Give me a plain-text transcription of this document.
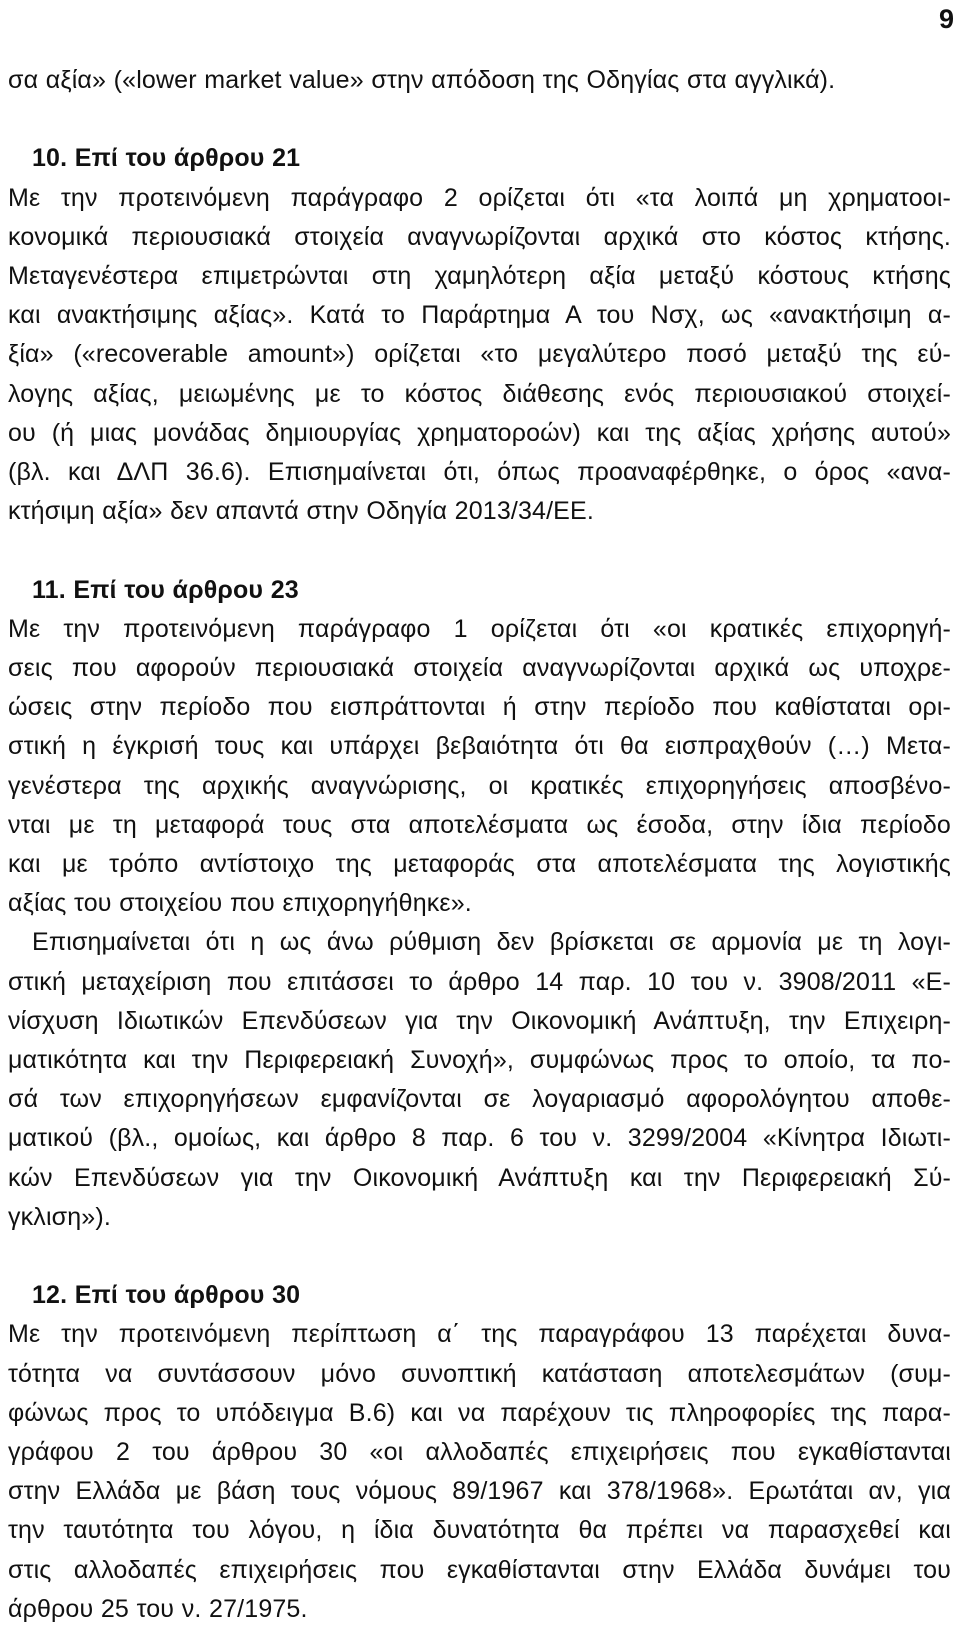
9
σα αξία» («lower market value» στην απόδοση της Οδηγίας στα αγγλικά).
10. Επί του άρθρου 21
Με την προτεινόμενη παράγραφο 2 ορίζεται ότι «τα λοιπά μη χρηματοοι-
κονομικά περιουσιακά στοιχεία αναγνωρίζονται αρχικά στο κόστος κτήσης.
Μεταγενέστερα επιμετρώνται στη χαμηλότερη αξία μεταξύ κόστους κτήσης
και ανακτήσιμης αξίας». Κατά το Παράρτημα Α του Νσχ, ως «ανακτήσιμη α-
ξία» («recoverable amount») ορίζεται «το μεγαλύτερο ποσό μεταξύ της εύ-
λογης αξίας, μειωμένης με το κόστος διάθεσης ενός περιουσιακού στοιχεί-
ου (ή μιας μονάδας δημιουργίας χρηματοροών) και της αξίας χρήσης αυτού»
(βλ. και ΔΛΠ 36.6). Επισημαίνεται ότι, όπως προαναφέρθηκε, ο όρος «ανα-
κτήσιμη αξία» δεν απαντά στην Οδηγία 2013/34/ΕΕ.
11. Επί του άρθρου 23
Με την προτεινόμενη παράγραφο 1 ορίζεται ότι «οι κρατικές επιχορηγή-
σεις που αφορούν περιουσιακά στοιχεία αναγνωρίζονται αρχικά ως υποχρε-
ώσεις στην περίοδο που εισπράττονται ή στην περίοδο που καθίσταται ορι-
στική η έγκρισή τους και υπάρχει βεβαιότητα ότι θα εισπραχθούν (…) Μετα-
γενέστερα της αρχικής αναγνώρισης, οι κρατικές επιχορηγήσεις αποσβένο-
νται με τη μεταφορά τους στα αποτελέσματα ως έσοδα, στην ίδια περίοδο
και με τρόπο αντίστοιχο της μεταφοράς στα αποτελέσματα της λογιστικής
αξίας του στοιχείου που επιχορηγήθηκε».
Επισημαίνεται ότι η ως άνω ρύθμιση δεν βρίσκεται σε αρμονία με τη λογι-
στική μεταχείριση που επιτάσσει το άρθρο 14 παρ. 10 του ν. 3908/2011 «Ε-
νίσχυση Ιδιωτικών Επενδύσεων για την Οικονομική Ανάπτυξη, την Επιχειρη-
ματικότητα και την Περιφερειακή Συνοχή», συμφώνως προς το οποίο, τα πο-
σά των επιχορηγήσεων εμφανίζονται σε λογαριασμό αφορολόγητου αποθε-
ματικού (βλ., ομοίως, και άρθρο 8 παρ. 6 του ν. 3299/2004 «Κίνητρα Ιδιωτι-
κών Επενδύσεων για την Οικονομική Ανάπτυξη και την Περιφερειακή Σύ-
γκλιση»).
12. Επί του άρθρου 30
Με την προτεινόμενη περίπτωση α΄ της παραγράφου 13 παρέχεται δυνα-
τότητα να συντάσσουν μόνο συνοπτική κατάσταση αποτελεσμάτων (συμ-
φώνως προς το υπόδειγμα Β.6) και να παρέχουν τις πληροφορίες της παρα-
γράφου 2 του άρθρου 30 «οι αλλοδαπές επιχειρήσεις που εγκαθίστανται
στην Ελλάδα με βάση τους νόμους 89/1967 και 378/1968». Ερωτάται αν, για
την ταυτότητα του λόγου, η ίδια δυνατότητα θα πρέπει να παρασχεθεί και
στις αλλοδαπές επιχειρήσεις που εγκαθίστανται στην Ελλάδα δυνάμει του
άρθρου 25 του ν. 27/1975.
